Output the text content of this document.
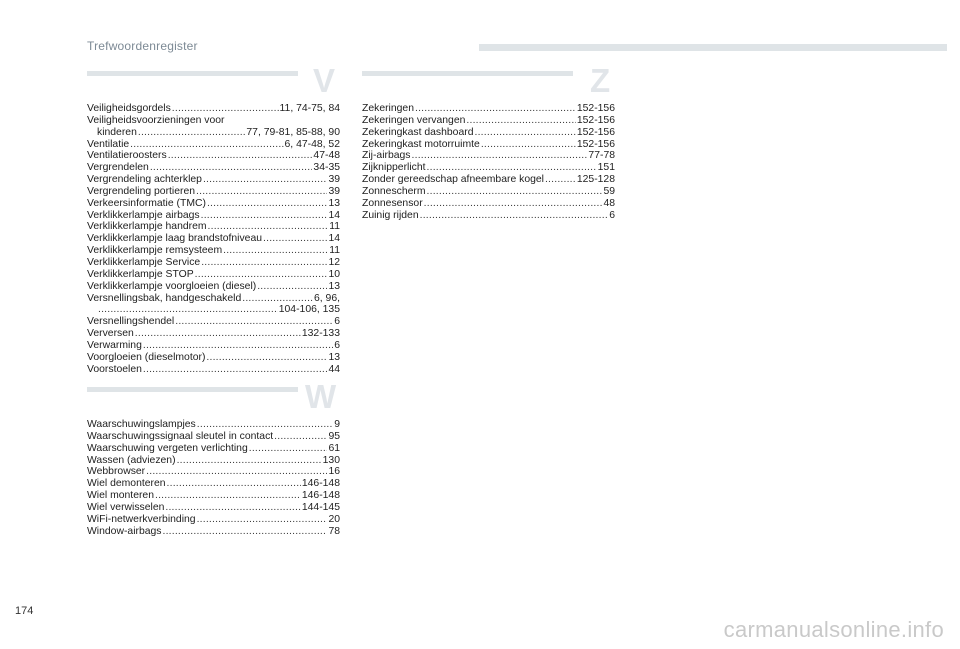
Trefwoordenregister
V
Veiligheidsgordels .....	11, 74-75, 84
Veiligheidsvoorzieningen voor
kinderen .....	77, 79-81, 85-88, 90
Ventilatie .....	6, 47-48, 52
Ventilatieroosters .....	47-48
Vergrendelen .....	34-35
Vergrendeling achterklep .....	39
Vergrendeling portieren .....	39
Verkeersinformatie (TMC) .....	13
Verklikkerlampje airbags .....	14
Verklikkerlampje handrem .....	11
Verklikkerlampje laag brandstofniveau .....	14
Verklikkerlampje remsysteem .....	11
Verklikkerlampje Service .....	12
Verklikkerlampje STOP .....	10
Verklikkerlampje voorgloeien (diesel) .....	13
Versnellingsbak, handgeschakeld .....	6, 96,
.....
104-106, 135
Versnellingshendel .....	6
Verversen .....	132-133
Verwarming .....	6
Voorgloeien (dieselmotor) .....	13
Voorstoelen .....	44
W
Waarschuwingslampjes .....	9
Waarschuwingssignaal sleutel in contact .....	95
Waarschuwing vergeten verlichting .....	61
Wassen (adviezen) .....	130
Webbrowser .....	16
Wiel demonteren .....	146-148
Wiel monteren .....	146-148
Wiel verwisselen .....	144-145
WiFi-netwerkverbinding .....	20
Window-airbags .....	78
Z
Zekeringen .....	152-156
Zekeringen vervangen .....	152-156
Zekeringkast dashboard .....	152-156
Zekeringkast motorruimte .....	152-156
Zij-airbags .....	77-78
Zijknipperlicht .....	151
Zonder gereedschap afneembare kogel .....	125-128
Zonnescherm .....	59
Zonnesensor .....	48
Zuinig rijden .....	6
174
carmanualsonline.info
